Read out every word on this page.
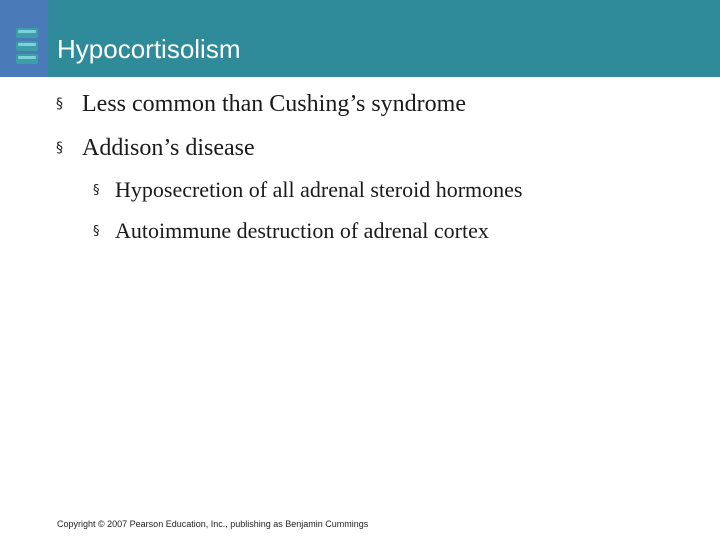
Hypocortisolism
§ Less common than Cushing’s syndrome
§ Addison’s disease
§ Hyposecretion of all adrenal steroid hormones
§ Autoimmune destruction of adrenal cortex
Copyright © 2007 Pearson Education, Inc., publishing as Benjamin Cummings
